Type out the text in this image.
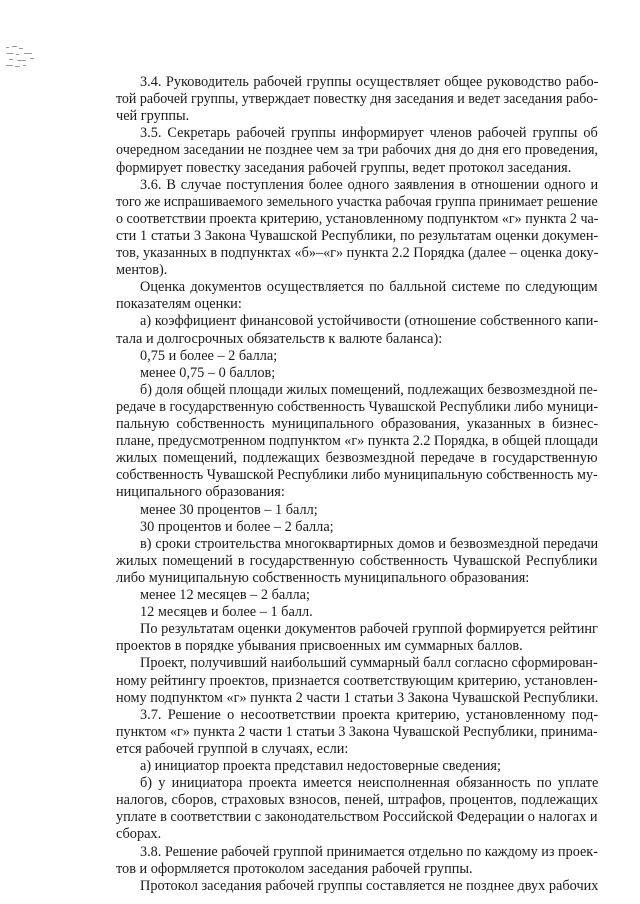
3.4. Руководитель рабочей группы осуществляет общее руководство рабо-
той рабочей группы, утверждает повестку дня заседания и ведет заседания рабо-
чей группы.
3.5. Секретарь рабочей группы информирует членов рабочей группы об
очередном заседании не позднее чем за три рабочих дня до дня его проведения,
формирует повестку заседания рабочей группы, ведет протокол заседания.
3.6. В случае поступления более одного заявления в отношении одного и
того же испрашиваемого земельного участка рабочая группа принимает решение
о соответствии проекта критерию, установленному подпунктом «г» пункта 2 ча-
сти 1 статьи 3 Закона Чувашской Республики, по результатам оценки докумен-
тов, указанных в подпунктах «б»–«г» пункта 2.2 Порядка (далее – оценка доку-
ментов).
Оценка документов осуществляется по балльной системе по следующим
показателям оценки:
а) коэффициент финансовой устойчивости (отношение собственного капи-
тала и долгосрочных обязательств к валюте баланса):
0,75 и более – 2 балла;
менее 0,75 – 0 баллов;
б) доля общей площади жилых помещений, подлежащих безвозмездной пе-
редаче в государственную собственность Чувашской Республики либо муници-
пальную собственность муниципального образования, указанных в бизнес-
плане, предусмотренном подпунктом «г» пункта 2.2 Порядка, в общей площади
жилых помещений, подлежащих безвозмездной передаче в государственную
собственность Чувашской Республики либо муниципальную собственность му-
ниципального образования:
менее 30 процентов – 1 балл;
30 процентов и более – 2 балла;
в) сроки строительства многоквартирных домов и безвозмездной передачи
жилых помещений в государственную собственность Чувашской Республики
либо муниципальную собственность муниципального образования:
менее 12 месяцев – 2 балла;
12 месяцев и более – 1 балл.
По результатам оценки документов рабочей группой формируется рейтинг
проектов в порядке убывания присвоенных им суммарных баллов.
Проект, получивший наибольший суммарный балл согласно сформирован-
ному рейтингу проектов, признается соответствующим критерию, установлен-
ному подпунктом «г» пункта 2 части 1 статьи 3 Закона Чувашской Республики.
3.7. Решение о несоответствии проекта критерию, установленному под-
пунктом «г» пункта 2 части 1 статьи 3 Закона Чувашской Республики, принима-
ется рабочей группой в случаях, если:
а) инициатор проекта представил недостоверные сведения;
б) у инициатора проекта имеется неисполненная обязанность по уплате
налогов, сборов, страховых взносов, пеней, штрафов, процентов, подлежащих
уплате в соответствии с законодательством Российской Федерации о налогах и
сборах.
3.8. Решение рабочей группой принимается отдельно по каждому из проек-
тов и оформляется протоколом заседания рабочей группы.
Протокол заседания рабочей группы составляется не позднее двух рабочих
